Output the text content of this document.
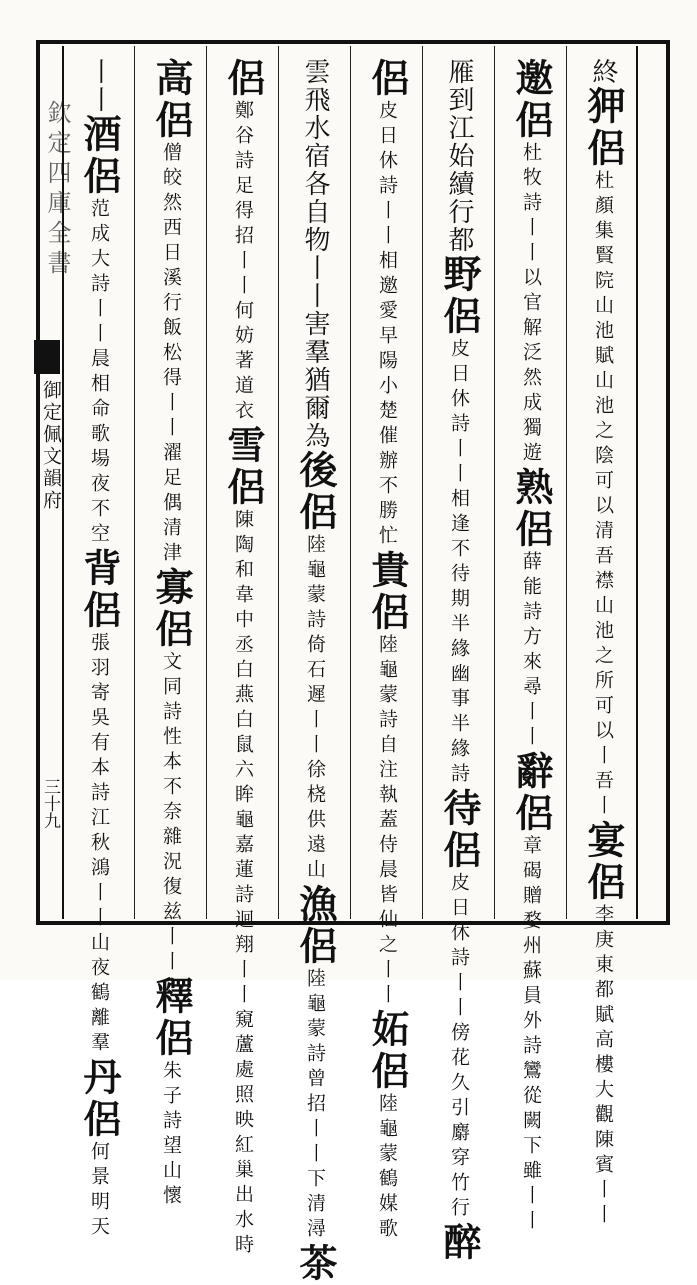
欽定四庫全書
御定佩文韻府
三十九
終狎侶杜顏集賢院山池賦山池之陰可以清吾襟山池之所可以丨吾丨宴侶李庚東都賦高樓大觀陳賓丨丨
邀侶杜牧詩丨丨以官解泛然成獨遊熟侶薛能詩方來尋丨丨辭侶章碣贈婺州蘇員外詩鸞從闕下雖丨丨
雁到江始續行都野侶皮日休詩丨丨相逢不待期半緣幽事半緣詩待侶皮日休詩丨丨傍花久引麝穿竹行醉
侶皮日休詩丨丨相邀愛早陽小楚催辦不勝忙貴侶陸龜蒙詩自注執蓋侍晨皆仙之丨丨妬侶陸龜蒙鶴媒歌
雲飛水宿各自物丨丨害羣猶爾為後侶陸龜蒙詩倚石遲丨丨徐桡供遠山漁侶陸龜蒙詩曾招丨丨下清潯茶
侶鄭谷詩足得招丨丨何妨著道衣雪侶陳陶和韋中丞白燕白鼠六眸龜嘉蓮詩迥翔丨丨窺蘆處照映紅巢出水時
高侶僧皎然西日溪行飯松得丨丨濯足偶清津寡侶文同詩性本不奈雜況復兹丨丨釋侶朱子詩望山懷
丨丨酒侶范成大詩丨丨晨相命歌場夜不空背侶張羽寄吳有本詩江秋鴻丨丨山夜鶴離羣丹侶何景明天
